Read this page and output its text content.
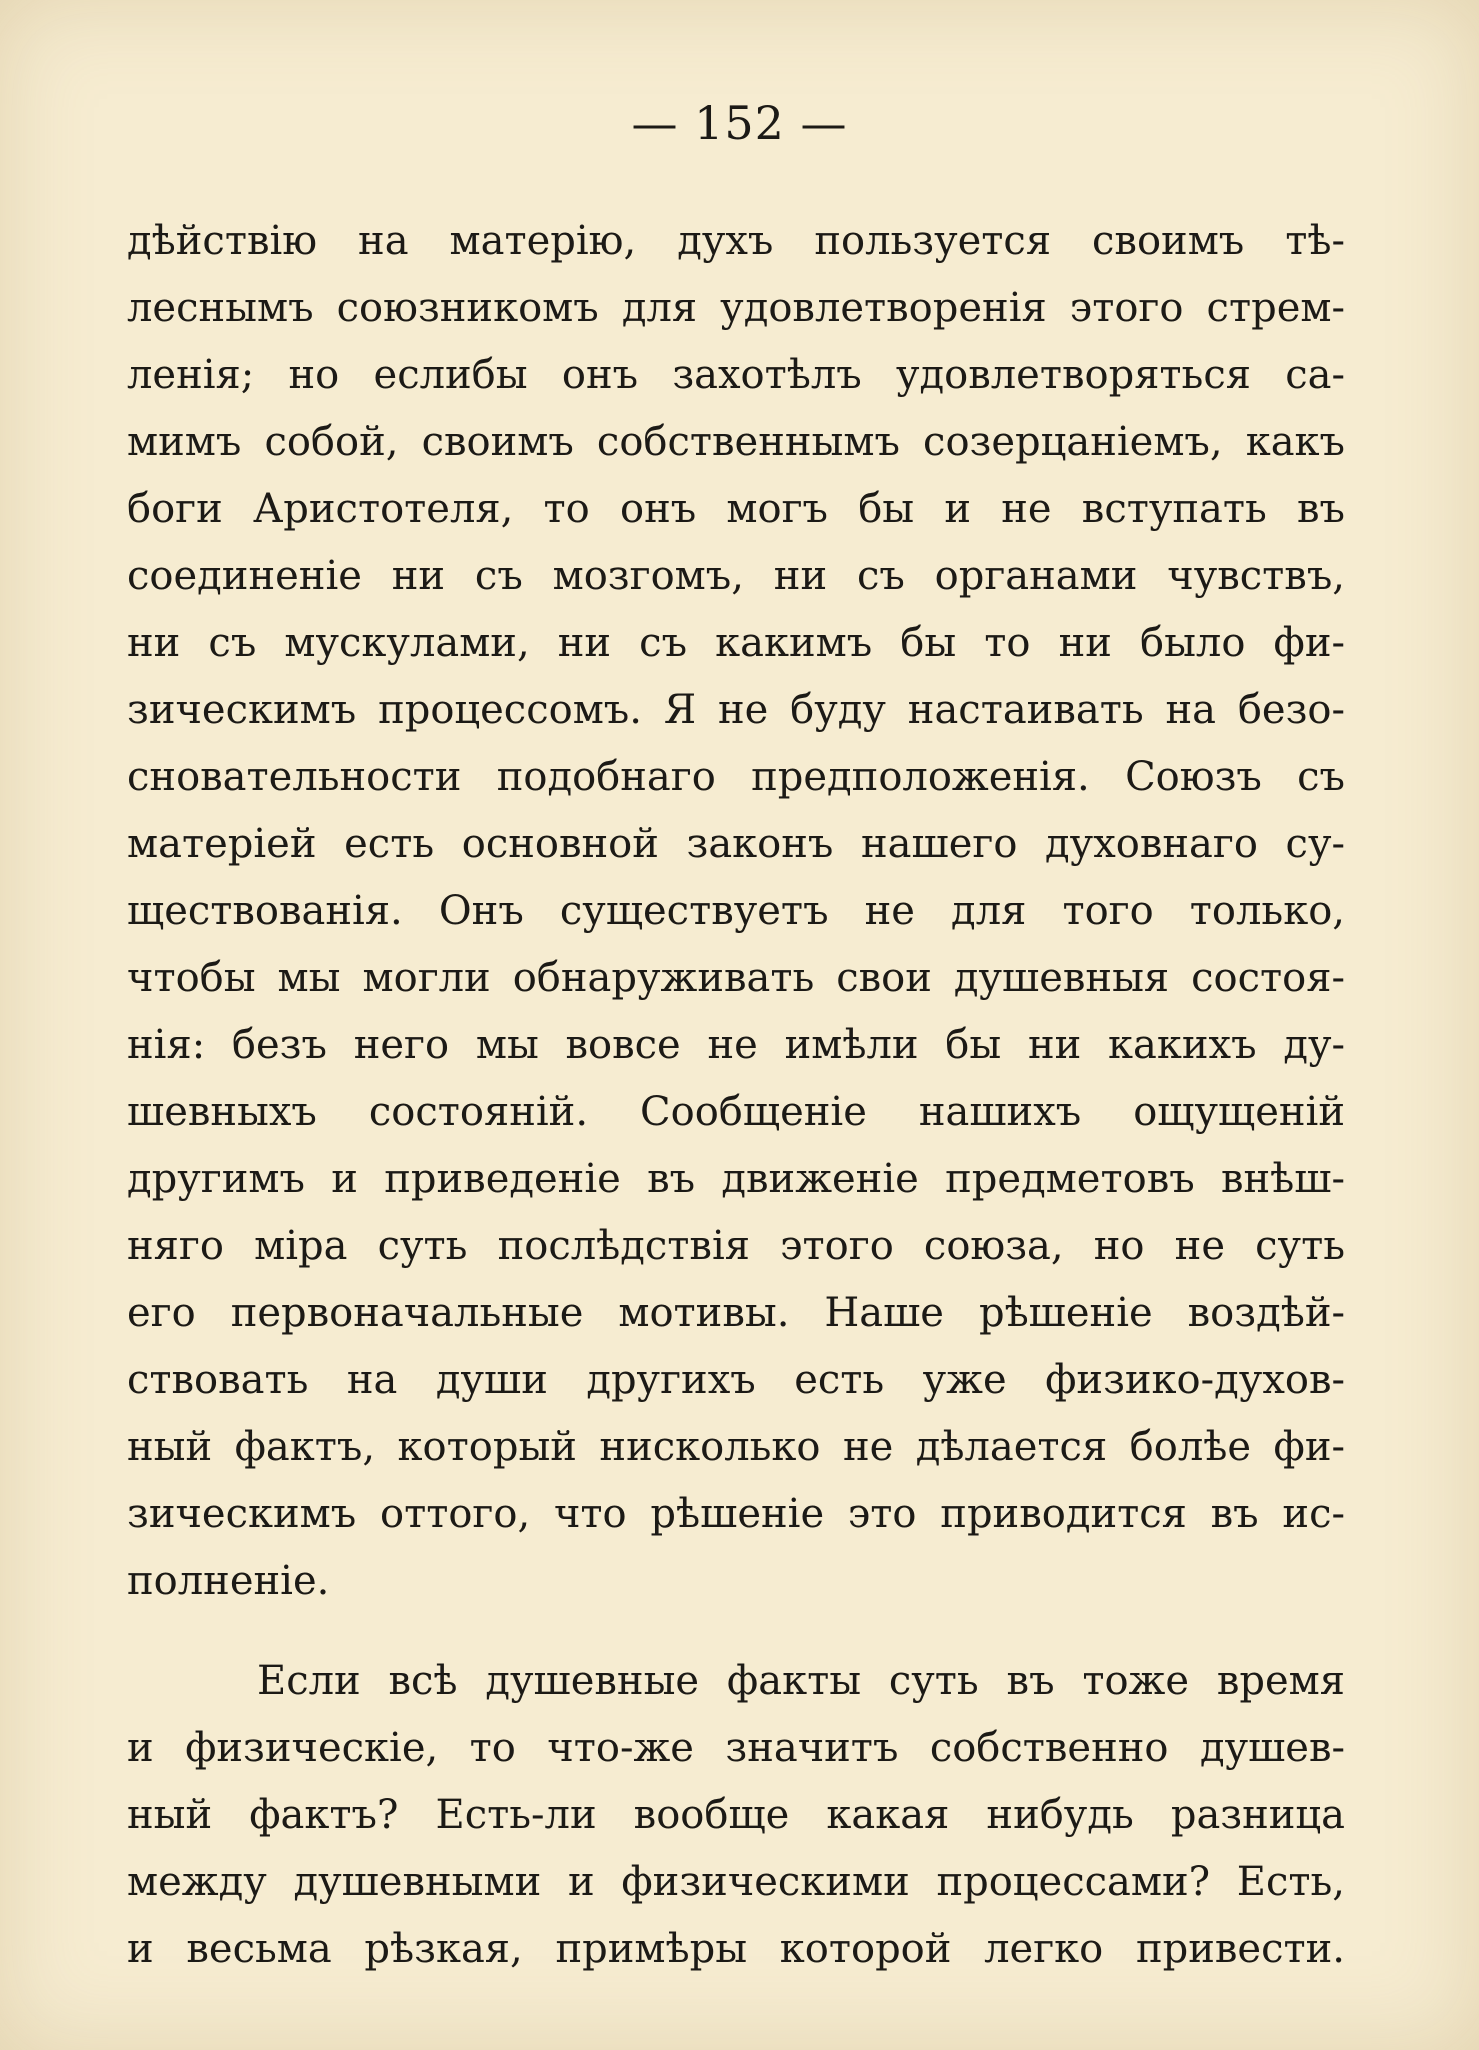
— 152 —
дѣйствію на матерію, духъ пользуется своимъ тѣ-
леснымъ союзникомъ для удовлетворенія этого стрем-
ленія; но еслибы онъ захотѣлъ удовлетворяться са-
мимъ собой, своимъ собственнымъ созерцаніемъ, какъ
боги Аристотеля, то онъ могъ бы и не вступать въ
соединеніе ни съ мозгомъ, ни съ органами чувствъ,
ни съ мускулами, ни съ какимъ бы то ни было фи-
зическимъ процессомъ. Я не буду настаивать на безо-
сновательности подобнаго предположенія. Союзъ съ
матеріей есть основной законъ нашего духовнаго су-
ществованія. Онъ существуетъ не для того только,
чтобы мы могли обнаруживать свои душевныя состоя-
нія: безъ него мы вовсе не имѣли бы ни какихъ ду-
шевныхъ состояній. Сообщеніе нашихъ ощущеній
другимъ и приведеніе въ движеніе предметовъ внѣш-
няго міра суть послѣдствія этого союза, но не суть
его первоначальные мотивы. Наше рѣшеніе воздѣй-
ствовать на души другихъ есть уже физико-духов-
ный фактъ, который нисколько не дѣлается болѣе фи-
зическимъ оттого, что рѣшеніе это приводится въ ис-
полненіе.
Если всѣ душевные факты суть въ тоже время
и физическіе, то что-же значитъ собственно душев-
ный фактъ? Есть-ли вообще какая нибудь разница
между душевными и физическими процессами? Есть,
и весьма рѣзкая, примѣры которой легко привести.
